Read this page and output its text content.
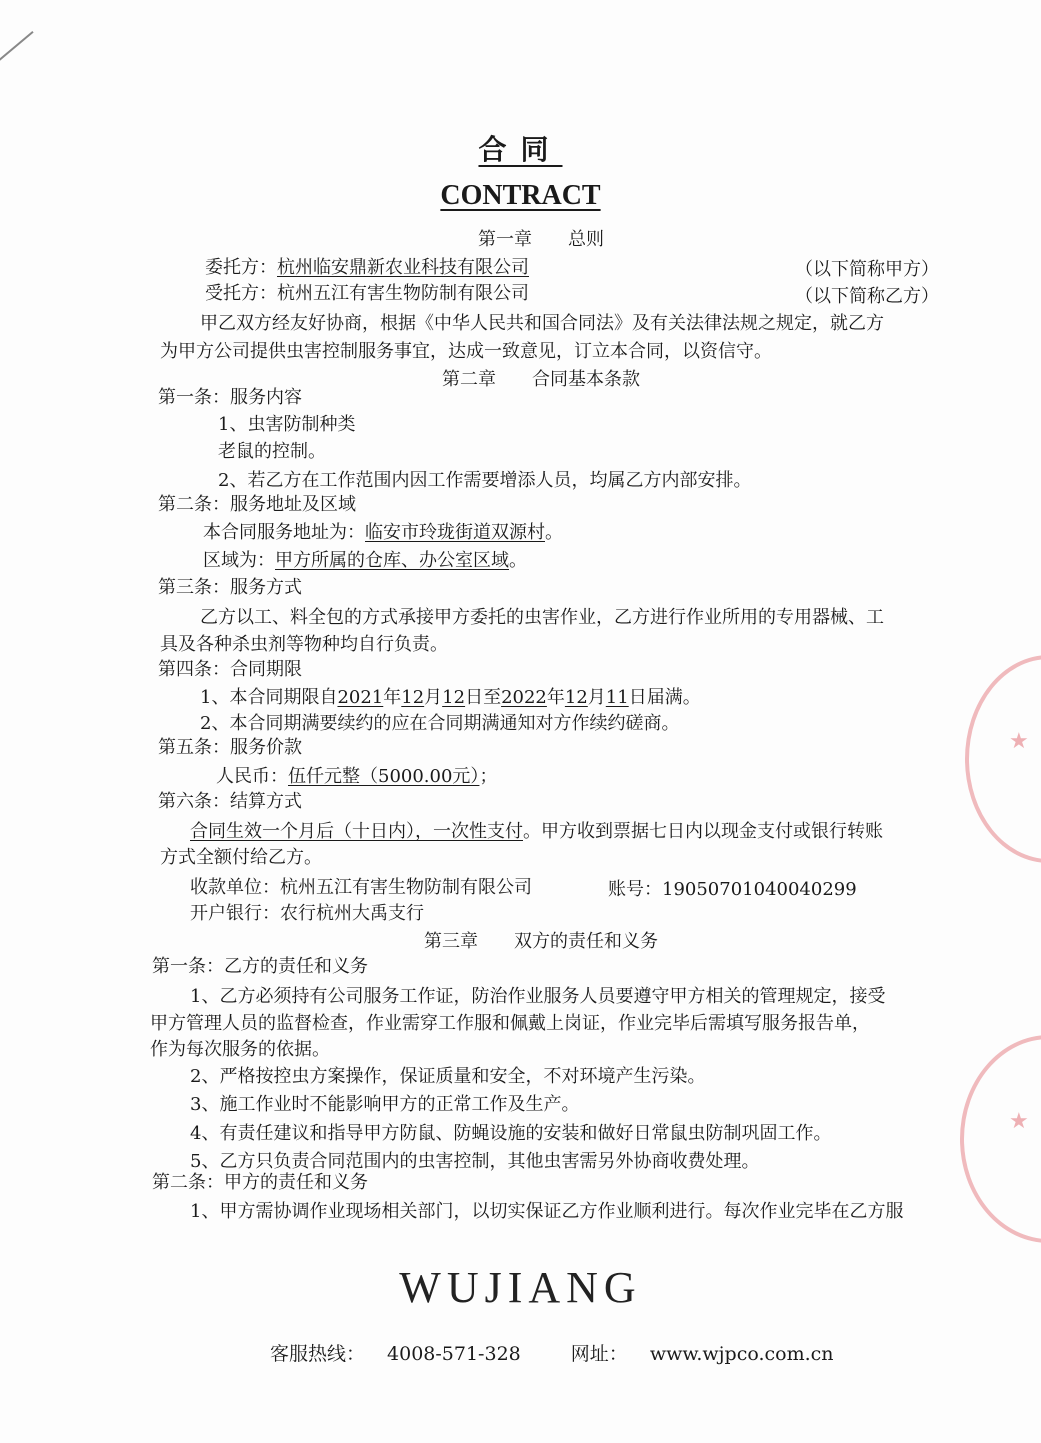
合同
CONTRACT
第一章　　总则
委托方：杭州临安鼎新农业科技有限公司	（以下简称甲方）
受托方：杭州五江有害生物防制有限公司	（以下简称乙方）
甲乙双方经友好协商，根据《中华人民共和国合同法》及有关法律法规之规定，就乙方
为甲方公司提供虫害控制服务事宜，达成一致意见，订立本合同，以资信守。
第二章　　合同基本条款
第一条：服务内容
1、虫害防制种类
老鼠的控制。
2、若乙方在工作范围内因工作需要增添人员，均属乙方内部安排。
第二条：服务地址及区域
本合同服务地址为：临安市玲珑街道双源村。
区域为：甲方所属的仓库、办公室区域。
第三条：服务方式
乙方以工、料全包的方式承接甲方委托的虫害作业，乙方进行作业所用的专用器械、工
具及各种杀虫剂等物种均自行负责。
第四条：合同期限
1、本合同期限自2021年12月12日至2022年12月11日届满。
2、本合同期满要续约的应在合同期满通知对方作续约磋商。
第五条：服务价款
人民币：伍仟元整（5000.00元）；
第六条：结算方式
合同生效一个月后（十日内），一次性支付。甲方收到票据七日内以现金支付或银行转账
方式全额付给乙方。
收款单位：杭州五江有害生物防制有限公司	账号：19050701040040299
开户银行：农行杭州大禹支行
第三章　　双方的责任和义务
第一条：乙方的责任和义务
1、乙方必须持有公司服务工作证，防治作业服务人员要遵守甲方相关的管理规定，接受
甲方管理人员的监督检查，作业需穿工作服和佩戴上岗证，作业完毕后需填写服务报告单，
作为每次服务的依据。
2、严格按控虫方案操作，保证质量和安全，不对环境产生污染。
3、施工作业时不能影响甲方的正常工作及生产。
4、有责任建议和指导甲方防鼠、防蝇设施的安装和做好日常鼠虫防制巩固工作。
5、乙方只负责合同范围内的虫害控制，其他虫害需另外协商收费处理。
第二条：甲方的责任和义务
1、甲方需协调作业现场相关部门，以切实保证乙方作业顺利进行。每次作业完毕在乙方服
★
★
WUJIANG
客服热线： 4008-571-328	网址： www.wjpco.com.cn
